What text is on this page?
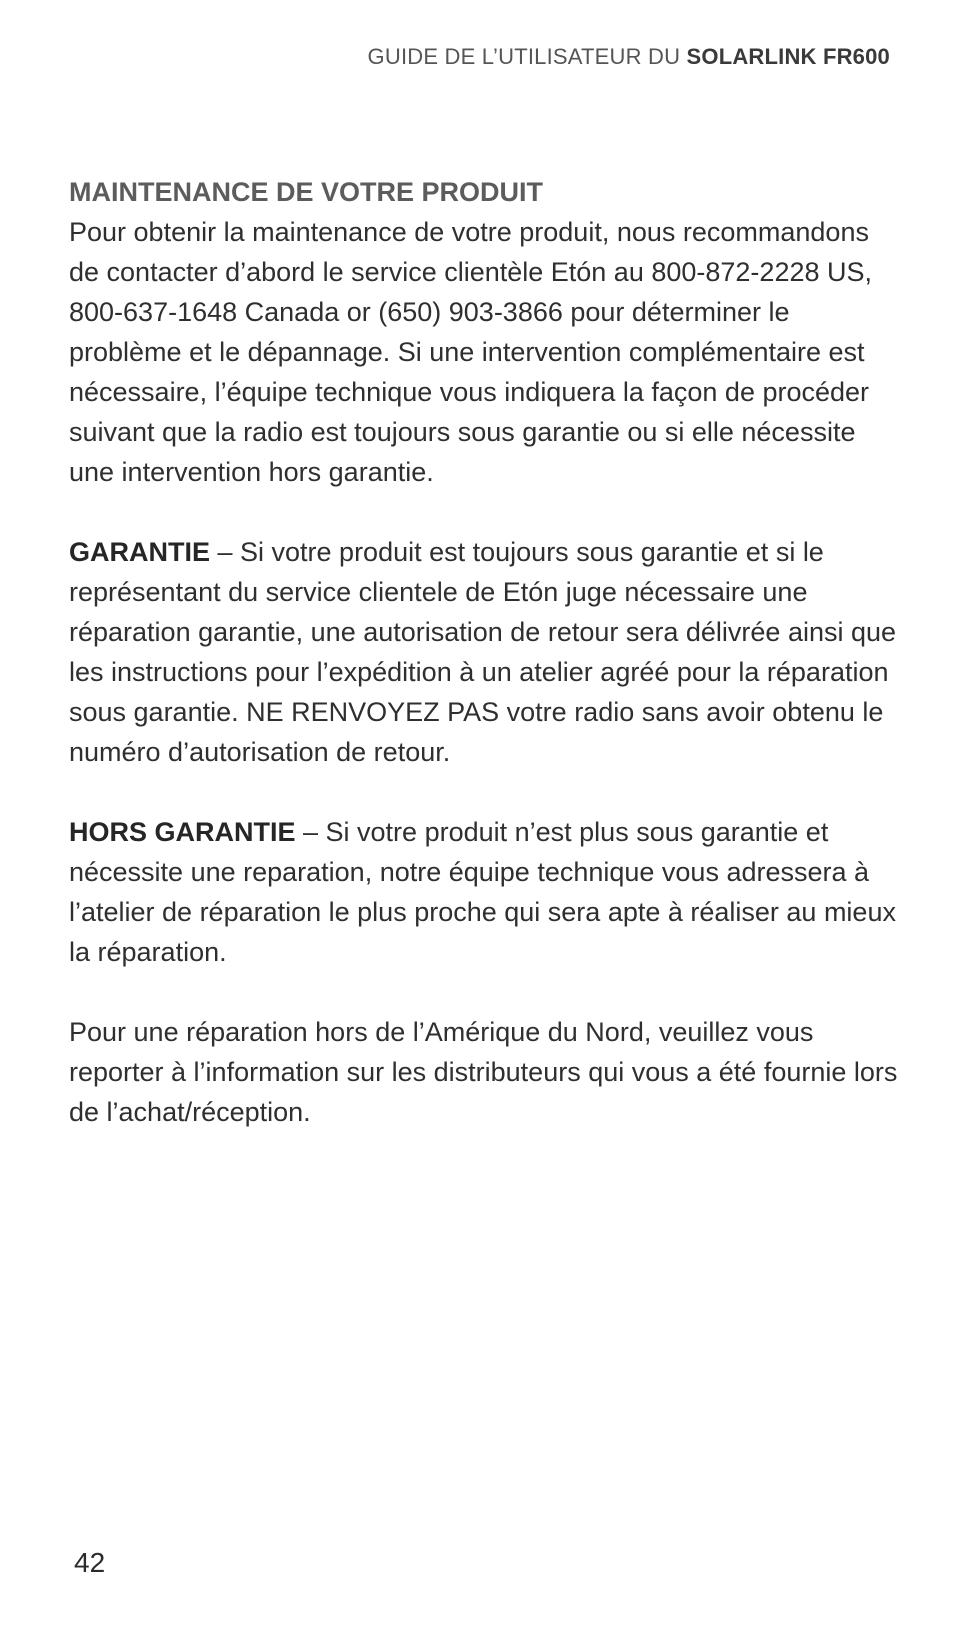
GUIDE DE L’UTILISATEUR DU SOLARLINK FR600
MAINTENANCE DE VOTRE PRODUIT

Pour obtenir la maintenance de votre produit, nous recommandons de contacter d’abord le service clientèle Etón au 800-872-2228 US, 800-637-1648 Canada or (650) 903-3866 pour déterminer le problème et le dépannage. Si une intervention complémentaire est nécessaire, l’équipe technique vous indiquera la façon de procéder suivant que la radio est toujours sous garantie ou si elle nécessite une intervention hors garantie.

GARANTIE – Si votre produit est toujours sous garantie et si le représentant du service clientele de Etón juge nécessaire une réparation garantie, une autorisation de retour sera délivrée ainsi que les instructions pour l’expédition à un atelier agréé pour la réparation sous garantie. NE RENVOYEZ PAS votre radio sans avoir obtenu le numéro d’autorisation de retour.

HORS GARANTIE – Si votre produit n’est plus sous garantie et nécessite une reparation, notre équipe technique vous adressera à l’atelier de réparation le plus proche qui sera apte à réaliser au mieux la réparation.

Pour une réparation hors de l’Amérique du Nord, veuillez vous reporter à l’information sur les distributeurs qui vous a été fournie lors de l’achat/réception.

42
